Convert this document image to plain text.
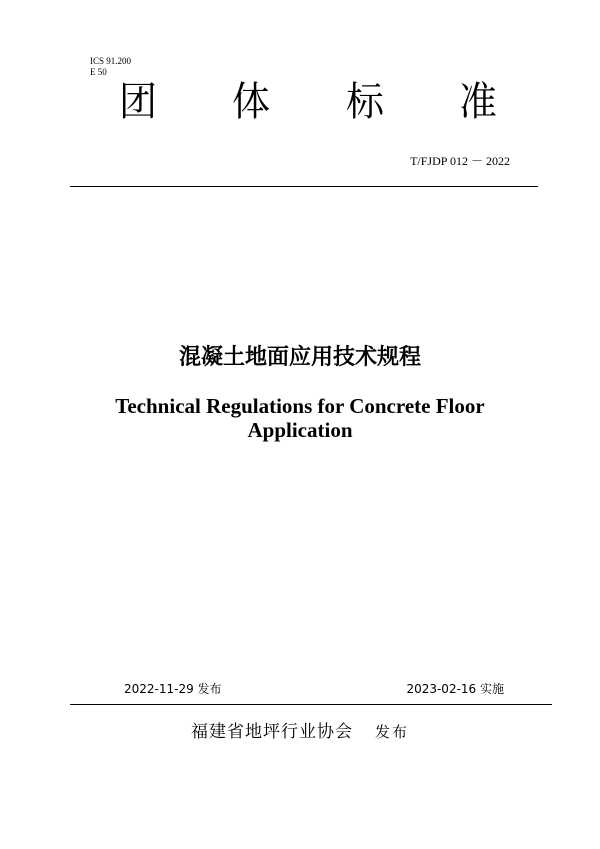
ICS 91.200
E 50
团 体 标 准
T/FJDP 012 － 2022
混凝土地面应用技术规程
Technical Regulations for Concrete Floor
Application
2022-11-29 发布	2023-02-16 实施
福建省地坪行业协会 发布
